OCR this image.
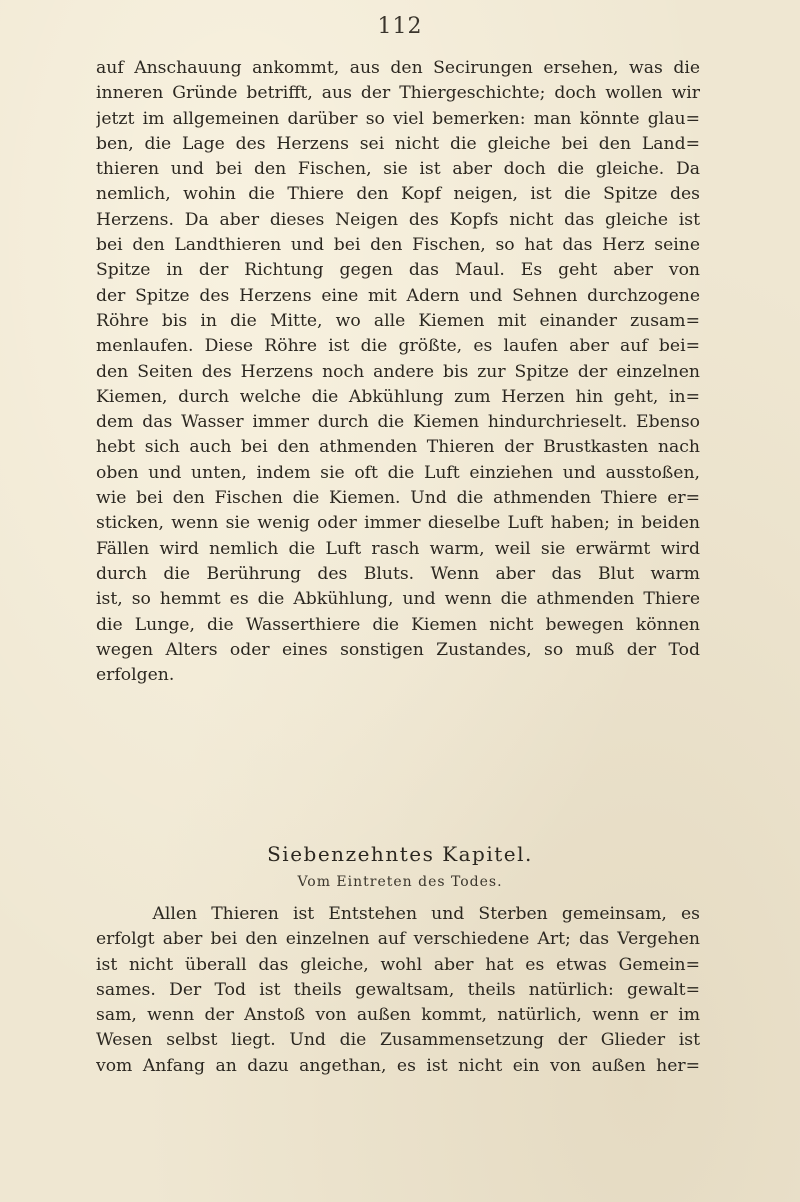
112
auf Anschauung ankommt, aus den Secirungen ersehen, was die
inneren Gründe betrifft, aus der Thiergeschichte; doch wollen wir
jetzt im allgemeinen darüber so viel bemerken: man könnte glau=
ben, die Lage des Herzens sei nicht die gleiche bei den Land=
thieren und bei den Fischen, sie ist aber doch die gleiche. Da
nemlich, wohin die Thiere den Kopf neigen, ist die Spitze des
Herzens. Da aber dieses Neigen des Kopfs nicht das gleiche ist
bei den Landthieren und bei den Fischen, so hat das Herz seine
Spitze in der Richtung gegen das Maul. Es geht aber von
der Spitze des Herzens eine mit Adern und Sehnen durchzogene
Röhre bis in die Mitte, wo alle Kiemen mit einander zusam=
menlaufen. Diese Röhre ist die größte, es laufen aber auf bei=
den Seiten des Herzens noch andere bis zur Spitze der einzelnen
Kiemen, durch welche die Abkühlung zum Herzen hin geht, in=
dem das Wasser immer durch die Kiemen hindurchrieselt. Ebenso
hebt sich auch bei den athmenden Thieren der Brustkasten nach
oben und unten, indem sie oft die Luft einziehen und ausstoßen,
wie bei den Fischen die Kiemen. Und die athmenden Thiere er=
sticken, wenn sie wenig oder immer dieselbe Luft haben; in beiden
Fällen wird nemlich die Luft rasch warm, weil sie erwärmt wird
durch die Berührung des Bluts. Wenn aber das Blut warm
ist, so hemmt es die Abkühlung, und wenn die athmenden Thiere
die Lunge, die Wasserthiere die Kiemen nicht bewegen können
wegen Alters oder eines sonstigen Zustandes, so muß der Tod
erfolgen.
Siebenzehntes Kapitel.
Vom Eintreten des Todes.
Allen Thieren ist Entstehen und Sterben gemeinsam, es
erfolgt aber bei den einzelnen auf verschiedene Art; das Vergehen
ist nicht überall das gleiche, wohl aber hat es etwas Gemein=
sames. Der Tod ist theils gewaltsam, theils natürlich: gewalt=
sam, wenn der Anstoß von außen kommt, natürlich, wenn er im
Wesen selbst liegt. Und die Zusammensetzung der Glieder ist
vom Anfang an dazu angethan, es ist nicht ein von außen her=
